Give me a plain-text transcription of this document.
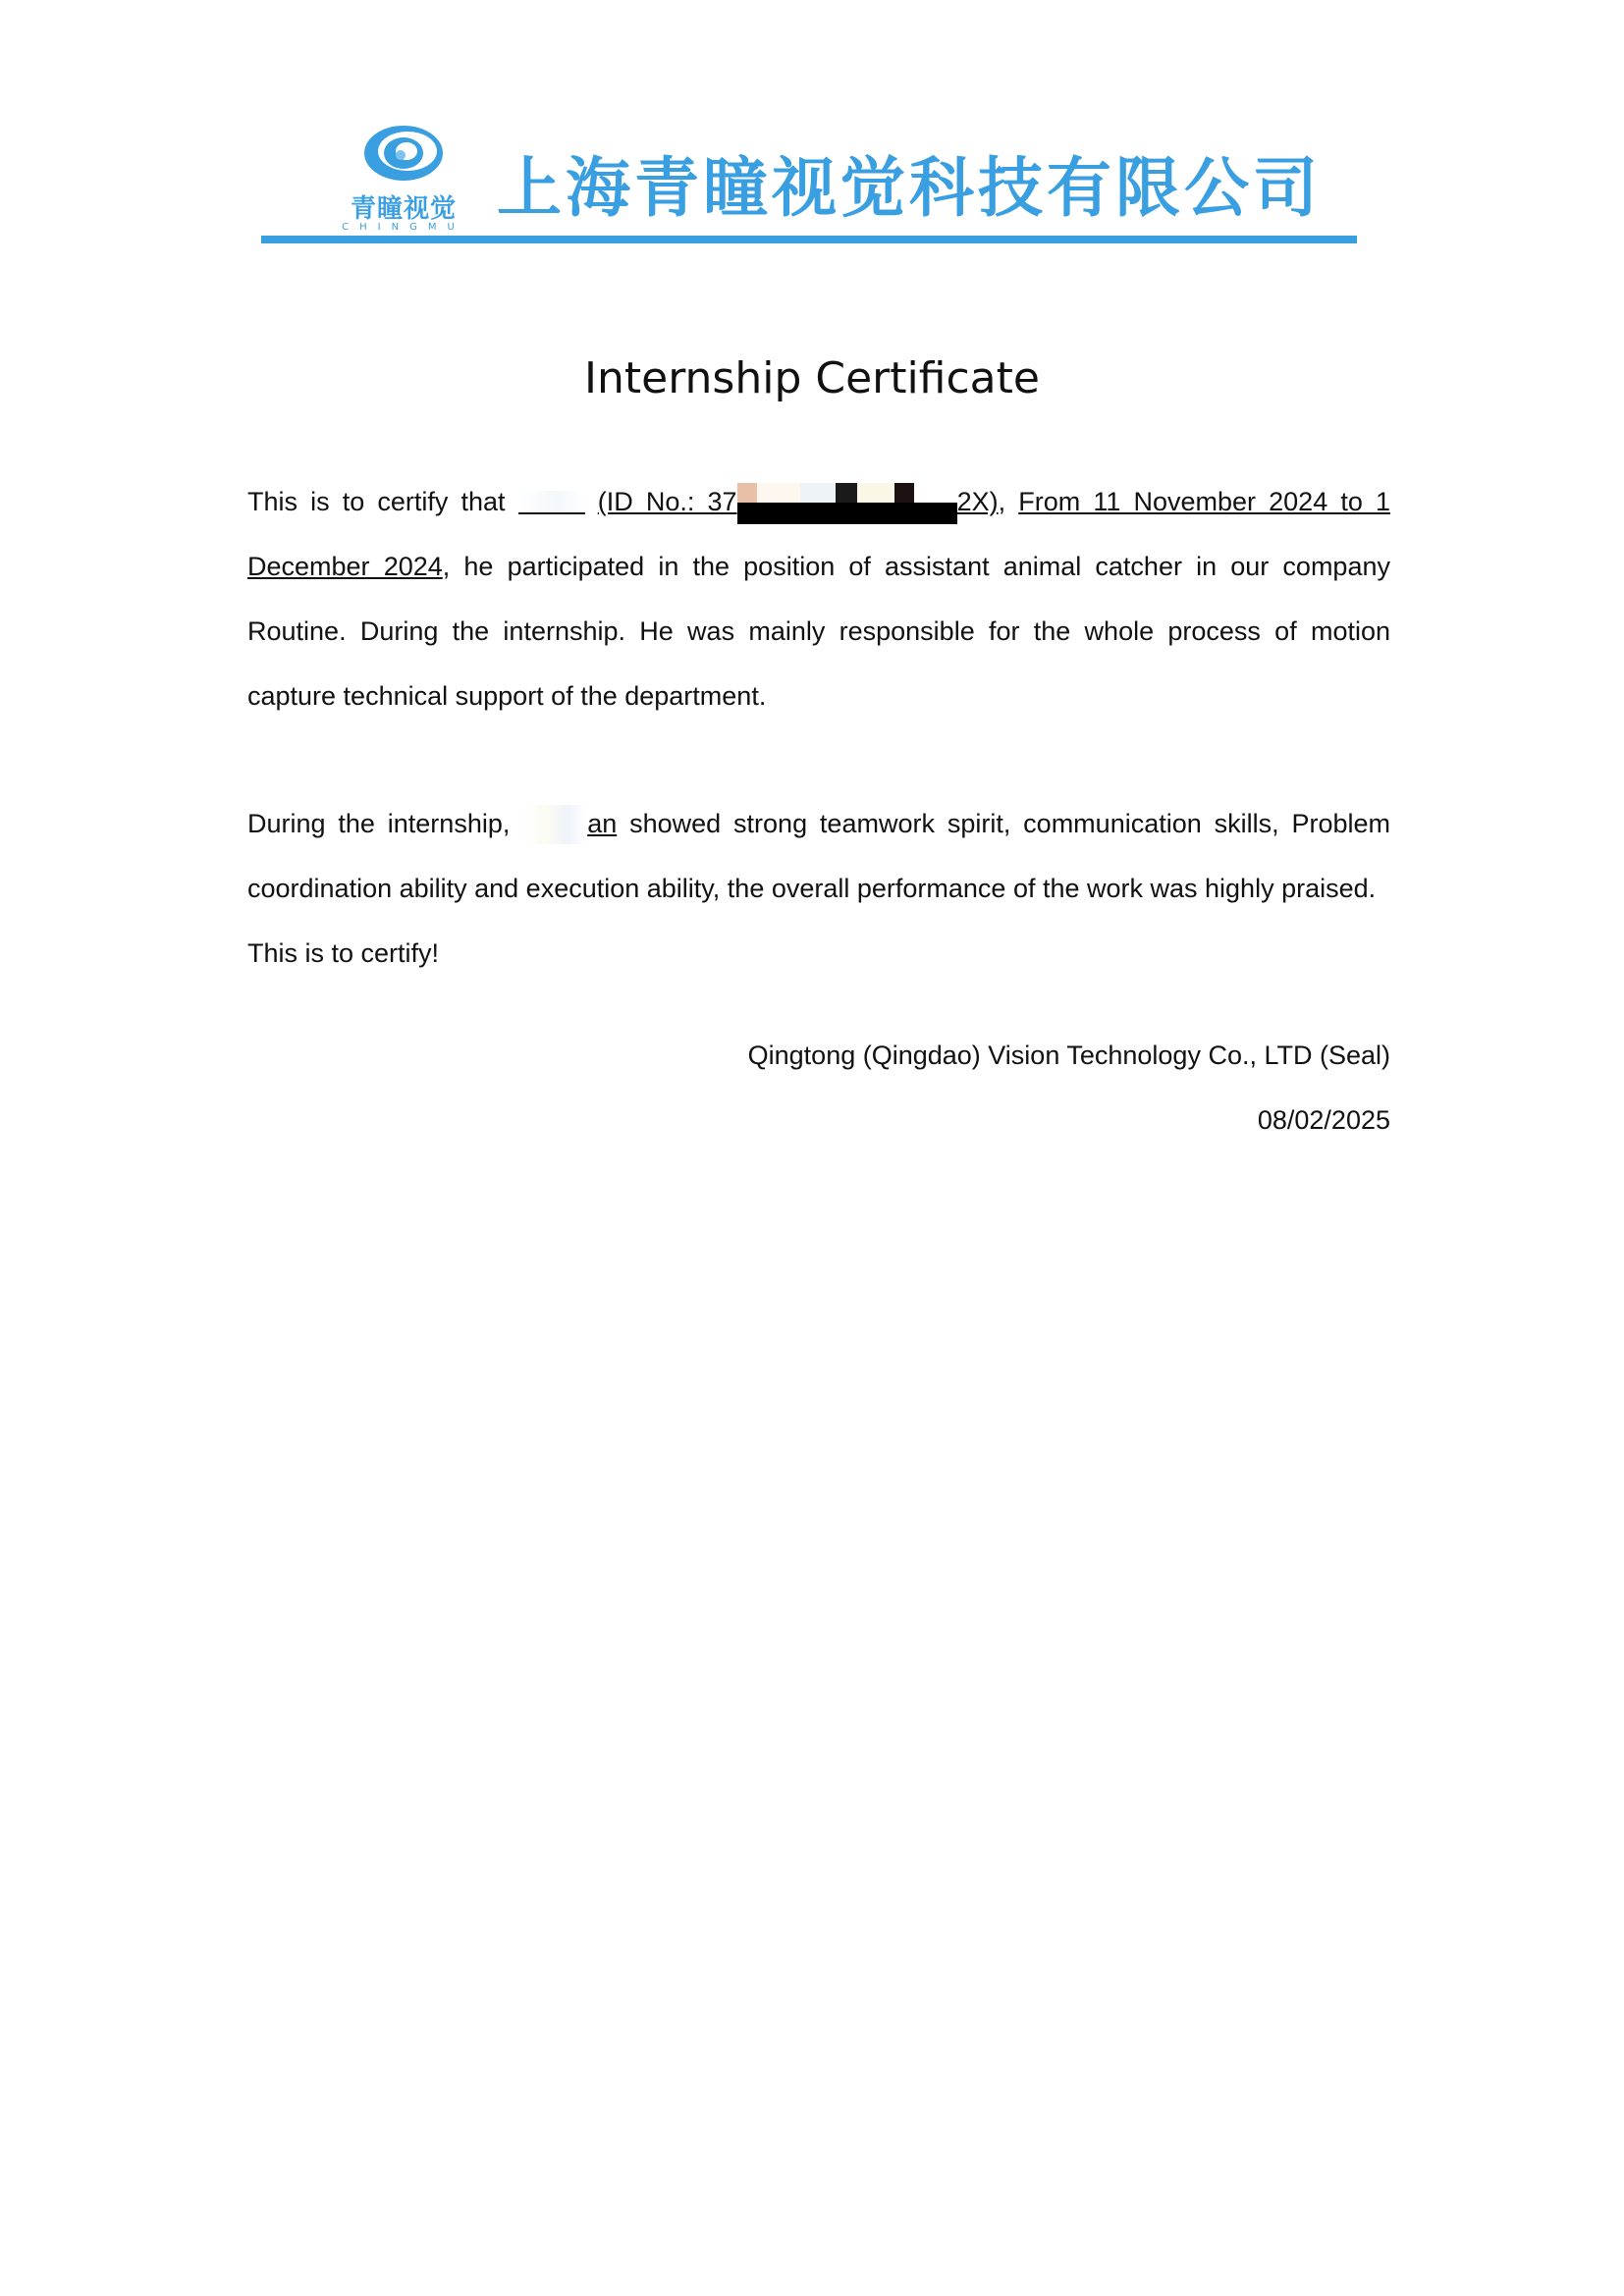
青瞳视觉
CHINGMU
上海青瞳视觉科技有限公司
Internship Certificate
This is to certify that	(ID No.: 37	2X), From 11 November 2024 to 1 December 2024, he participated in the position of assistant animal catcher in our company Routine. During the internship. He was mainly responsible for the whole process of motion capture technical support of the department.
During the internship,	an showed strong teamwork spirit, communication skills, Problem coordination ability and execution ability, the overall performance of the work was highly praised.
This is to certify!
Qingtong (Qingdao) Vision Technology Co., LTD (Seal)
08/02/2025
